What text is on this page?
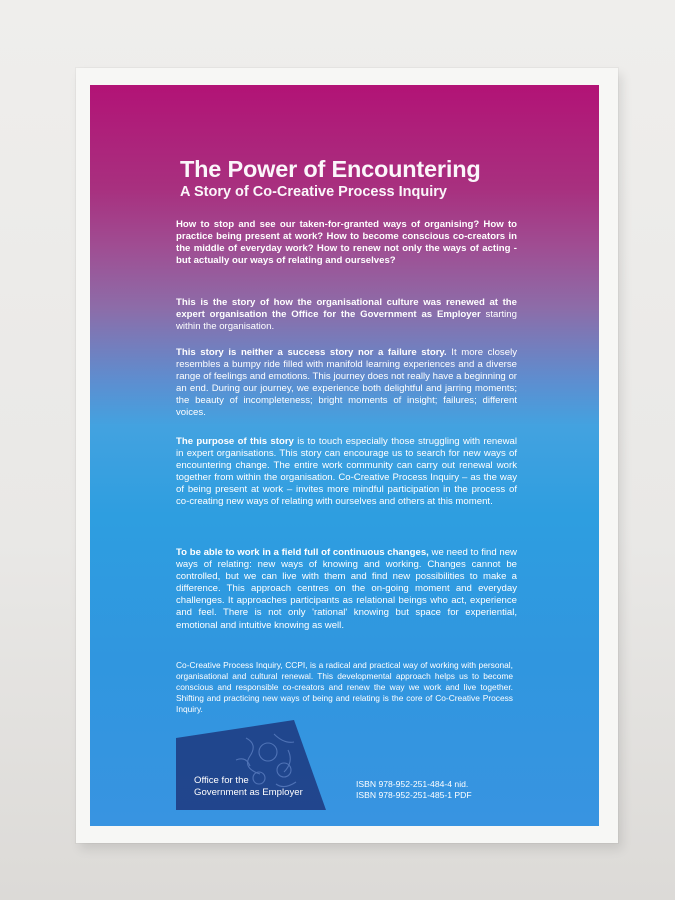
The Power of Encountering
A Story of Co-Creative Process Inquiry

How to stop and see our taken-for-granted ways of organising? How to practice being present at work? How to become conscious co-creators in the middle of everyday work? How to renew not only the ways of acting - but actually our ways of relating and ourselves?

This is the story of how the organisational culture was renewed at the expert organisation the Office for the Government as Employer starting within the organisation.

This story is neither a success story nor a failure story. It more closely resembles a bumpy ride filled with manifold learning experiences and a diverse range of feelings and emotions. This journey does not really have a beginning or an end. During our journey, we experience both delightful and jarring moments; the beauty of incompleteness; bright moments of insight; failures; different voices.

The purpose of this story is to touch especially those struggling with renewal in expert organisations. This story can encourage us to search for new ways of encountering change. The entire work community can carry out renewal work together from within the organisation. Co-Creative Process Inquiry – as the way of being present at work – invites more mindful participation in the process of co-creating new ways of relating with ourselves and others at this moment.

To be able to work in a field full of continuous changes, we need to find new ways of relating: new ways of knowing and working. Changes cannot be controlled, but we can live with them and find new possibilities to make a difference. This approach centres on the on-going moment and everyday challenges. It approaches participants as relational beings who act, experience and feel. There is not only 'rational' knowing but space for experiential, emotional and intuitive knowing as well.

Co-Creative Process Inquiry, CCPI, is a radical and practical way of working with personal, organisational and cultural renewal. This developmental approach helps us to become conscious and responsible co-creators and renew the way we work and live together. Shifting and practicing new ways of being and relating is the core of Co-Creative Process Inquiry.

Office for the
Government as Employer
ISBN 978-952-251-484-4 nid.
ISBN 978-952-251-485-1 PDF
